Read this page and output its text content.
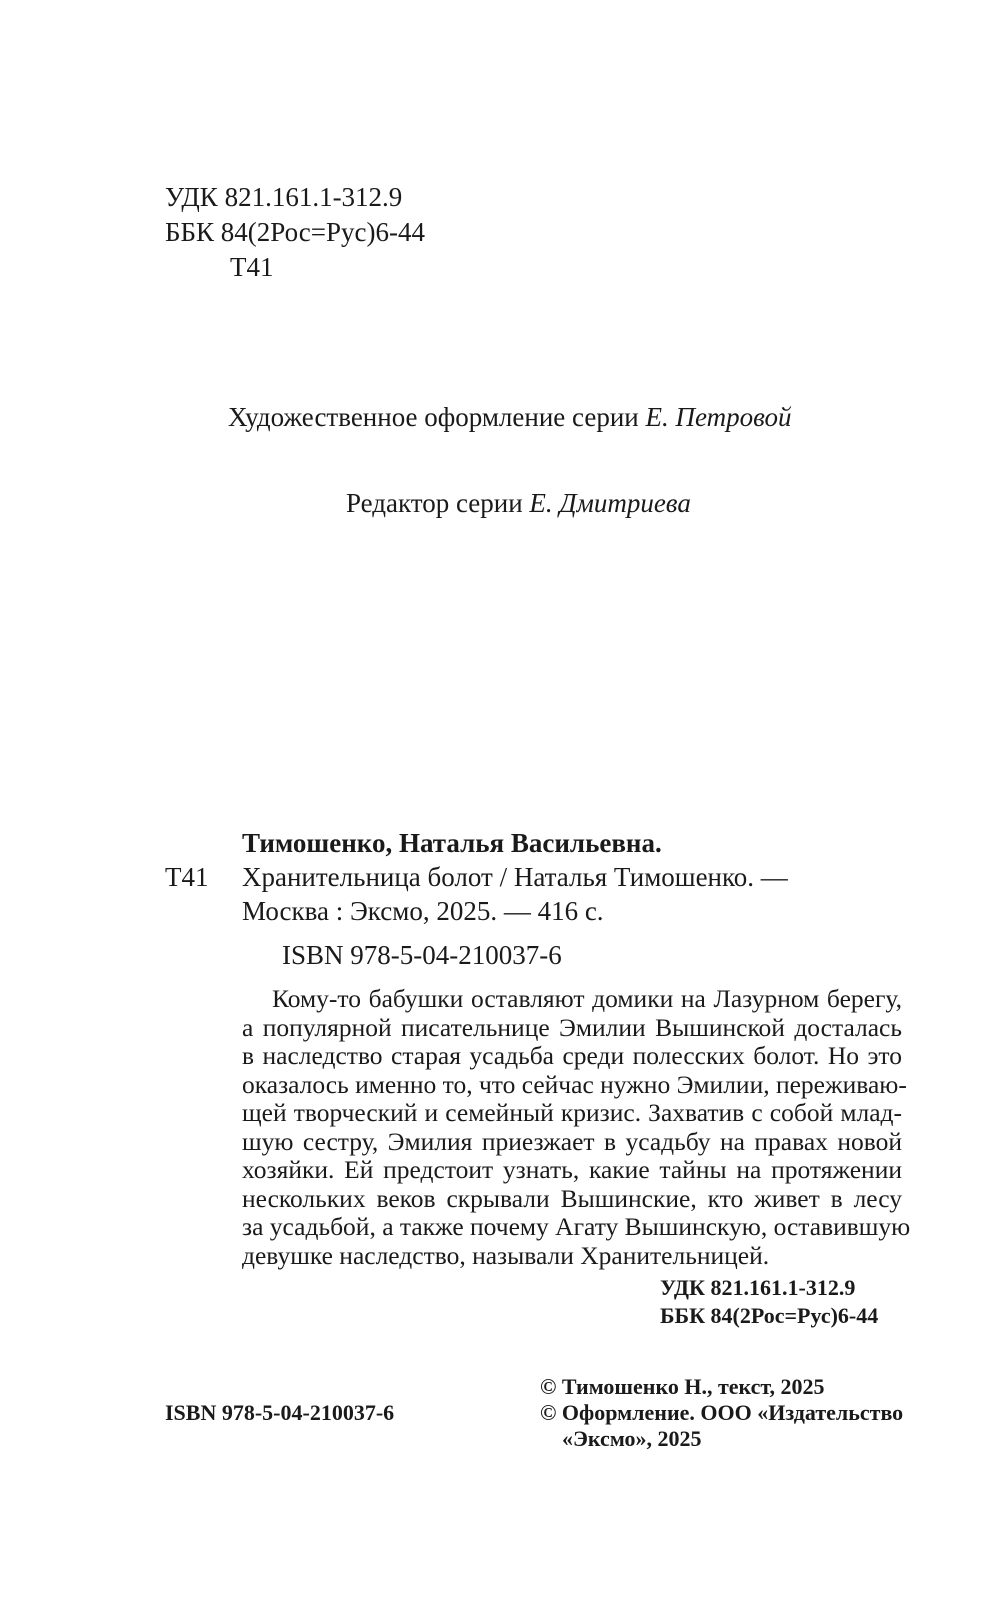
УДК 821.161.1-312.9
ББК 84(2Рос=Рус)6-44
Т41
Художественное оформление серии Е. Петровой
Редактор серии Е. Дмитриева
Тимошенко, Наталья Васильевна.
Т41 Хранительница болот / Наталья Тимошенко. —
Москва : Эксмо, 2025. — 416 с.
ISBN 978-5-04-210037-6
Кому-то бабушки оставляют домики на Лазурном берегу,
а популярной писательнице Эмилии Вышинской досталась
в наследство старая усадьба среди полесских болот. Но это
оказалось именно то, что сейчас нужно Эмилии, переживаю-
щей творческий и семейный кризис. Захватив с собой млад-
шую сестру, Эмилия приезжает в усадьбу на правах новой
хозяйки. Ей предстоит узнать, какие тайны на протяжении
нескольких веков скрывали Вышинские, кто живет в лесу
за усадьбой, а также почему Агату Вышинскую, оставившую
девушке наследство, называли Хранительницей.
УДК 821.161.1-312.9
ББК 84(2Рос=Рус)6-44
© Тимошенко Н., текст, 2025
© Оформление. ООО «Издательство
«Эксмо», 2025
ISBN 978-5-04-210037-6
